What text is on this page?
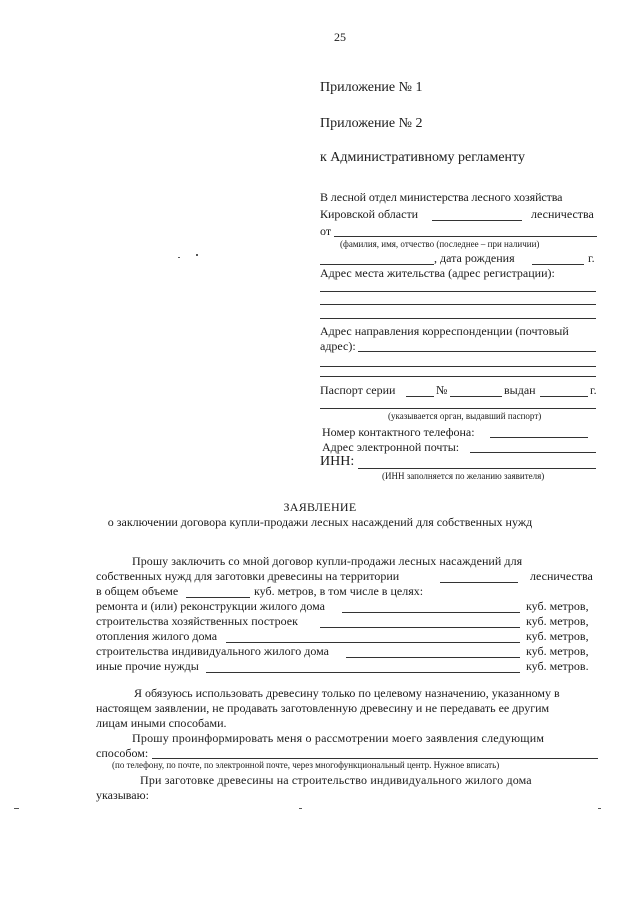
25
Приложение № 1
Приложение № 2
к Административному регламенту
В лесной отдел министерства лесного хозяйства
Кировской области	лесничества
от
(фамилия, имя, отчество (последнее – при наличии)
, дата рождения	г.
Адрес места жительства (адрес регистрации):
Адрес направления корреспонденции (почтовый
адрес):
Паспорт серии	№	выдан	г.
(указывается орган, выдавший паспорт)
Номер контактного телефона:
Адрес электронной почты:
ИНН:
(ИНН заполняется по желанию заявителя)
ЗАЯВЛЕНИЕ
о заключении договора купли-продажи лесных насаждений для собственных нужд
Прошу заключить со мной договор купли-продажи лесных насаждений для
собственных нужд для заготовки древесины на территории	лесничества
в общем объеме	куб. метров, в том числе в целях:
ремонта и (или) реконструкции жилого дома	куб. метров,
строительства хозяйственных построек	куб. метров,
отопления жилого дома	куб. метров,
строительства индивидуального жилого дома	куб. метров,
иные прочие нужды	куб. метров.
Я обязуюсь использовать древесину только по целевому назначению, указанному в
настоящем заявлении, не продавать заготовленную древесину и не передавать ее другим
лицам иными способами.
Прошу проинформировать меня о рассмотрении моего заявления следующим
способом:
(по телефону, по почте, по электронной почте, через многофункциональный центр. Нужное вписать)
При заготовке древесины на строительство индивидуального жилого дома
указываю:
